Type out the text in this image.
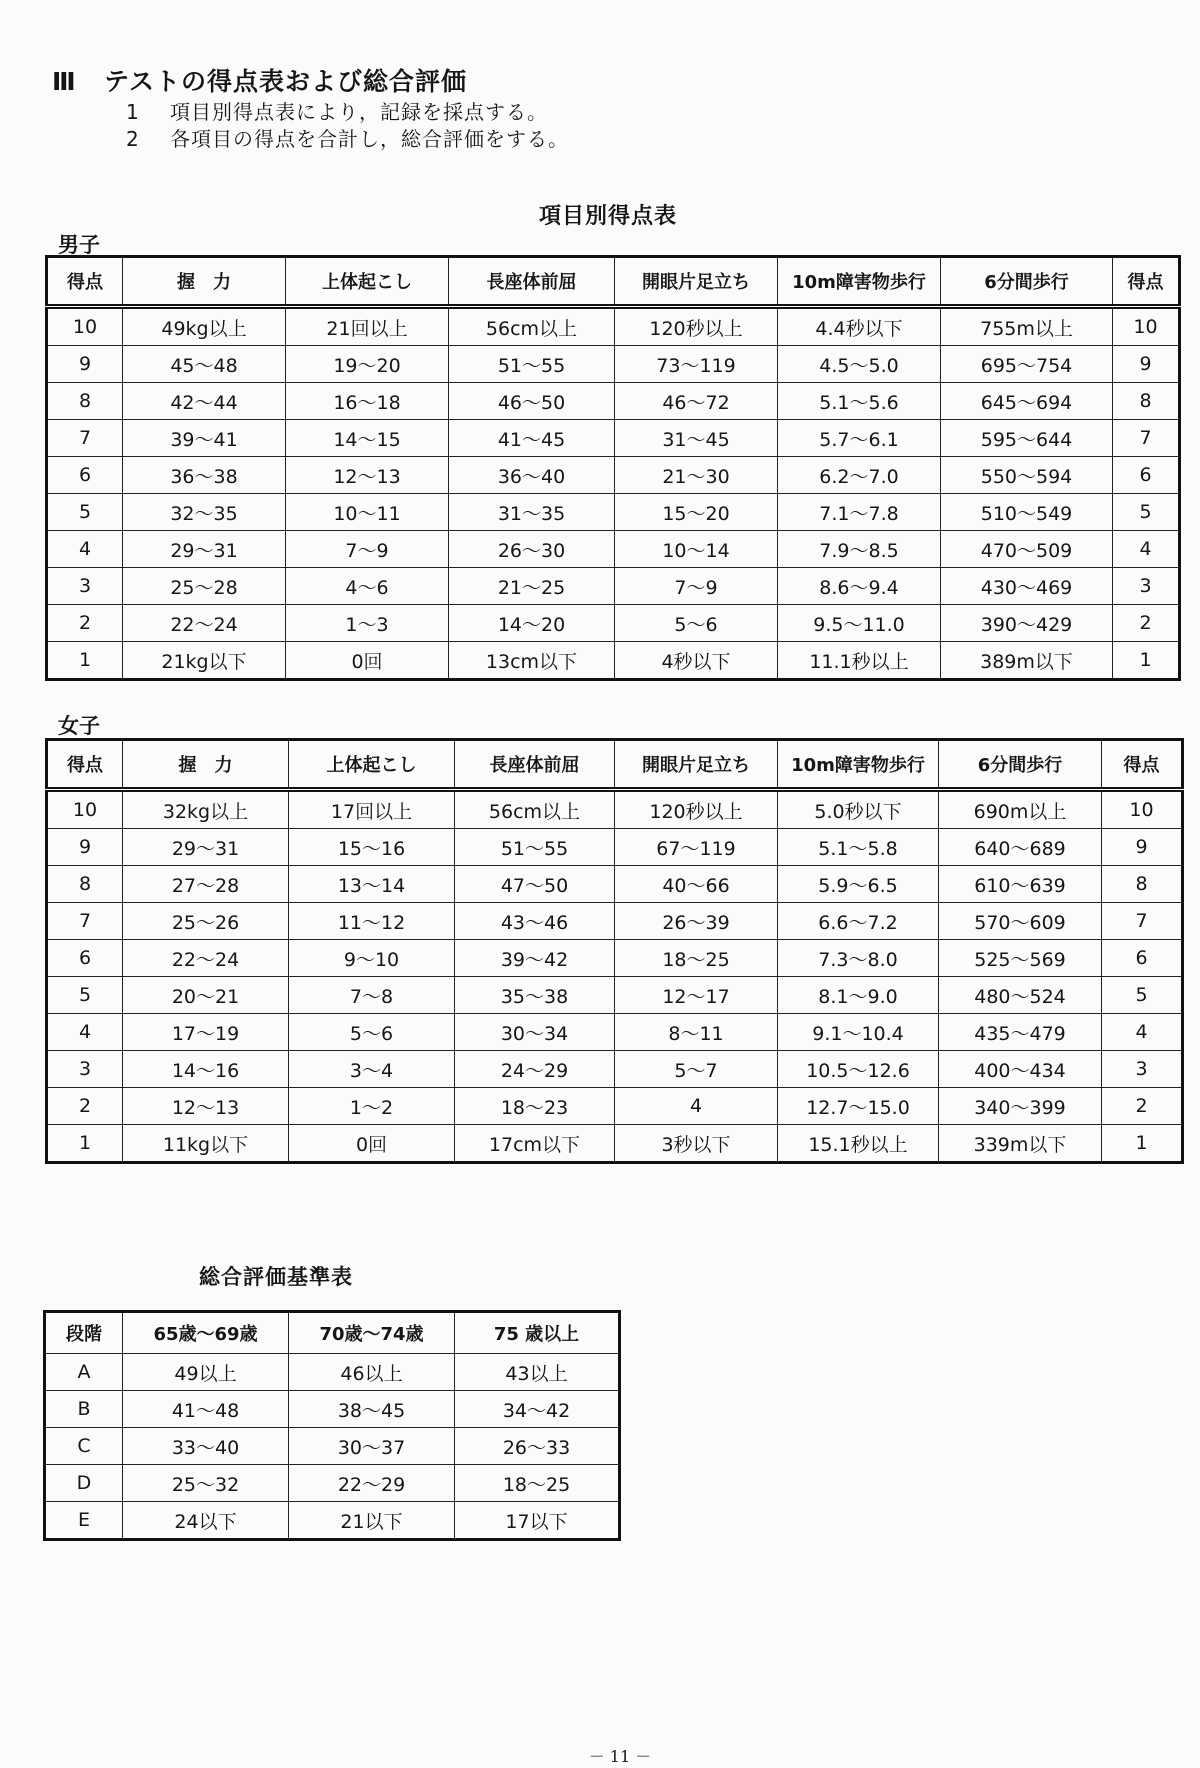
Ⅲ テストの得点表および総合評価
1 項目別得点表により，記録を採点する。
2 各項目の得点を合計し，総合評価をする。
項目別得点表
男子
得点	握　力	上体起こし	長座体前屈	開眼片足立ち	10m障害物歩行	6分間歩行	得点
10	49kg以上	21回以上	56cm以上	120秒以上	4.4秒以下	755m以上	10
9	45～48	19～20	51～55	73～119	4.5～5.0	695～754	9
8	42～44	16～18	46～50	46～72	5.1～5.6	645～694	8
7	39～41	14～15	41～45	31～45	5.7～6.1	595～644	7
6	36～38	12～13	36～40	21～30	6.2～7.0	550～594	6
5	32～35	10～11	31～35	15～20	7.1～7.8	510～549	5
4	29～31	7～9	26～30	10～14	7.9～8.5	470～509	4
3	25～28	4～6	21～25	7～9	8.6～9.4	430～469	3
2	22～24	1～3	14～20	5～6	9.5～11.0	390～429	2
1	21kg以下	0回	13cm以下	4秒以下	11.1秒以上	389m以下	1
女子
得点	握　力	上体起こし	長座体前屈	開眼片足立ち	10m障害物歩行	6分間歩行	得点
10	32kg以上	17回以上	56cm以上	120秒以上	5.0秒以下	690m以上	10
9	29～31	15～16	51～55	67～119	5.1～5.8	640～689	9
8	27～28	13～14	47～50	40～66	5.9～6.5	610～639	8
7	25～26	11～12	43～46	26～39	6.6～7.2	570～609	7
6	22～24	9～10	39～42	18～25	7.3～8.0	525～569	6
5	20～21	7～8	35～38	12～17	8.1～9.0	480～524	5
4	17～19	5～6	30～34	8～11	9.1～10.4	435～479	4
3	14～16	3～4	24～29	5～7	10.5～12.6	400～434	3
2	12～13	1～2	18～23	4	12.7～15.0	340～399	2
1	11kg以下	0回	17cm以下	3秒以下	15.1秒以上	339m以下	1
総合評価基準表
段階	65歳～69歳	70歳～74歳	75 歳以上
A	49以上	46以上	43以上
B	41～48	38～45	34～42
C	33～40	30～37	26～33
D	25～32	22～29	18～25
E	24以下	21以下	17以下
－ 11 －
